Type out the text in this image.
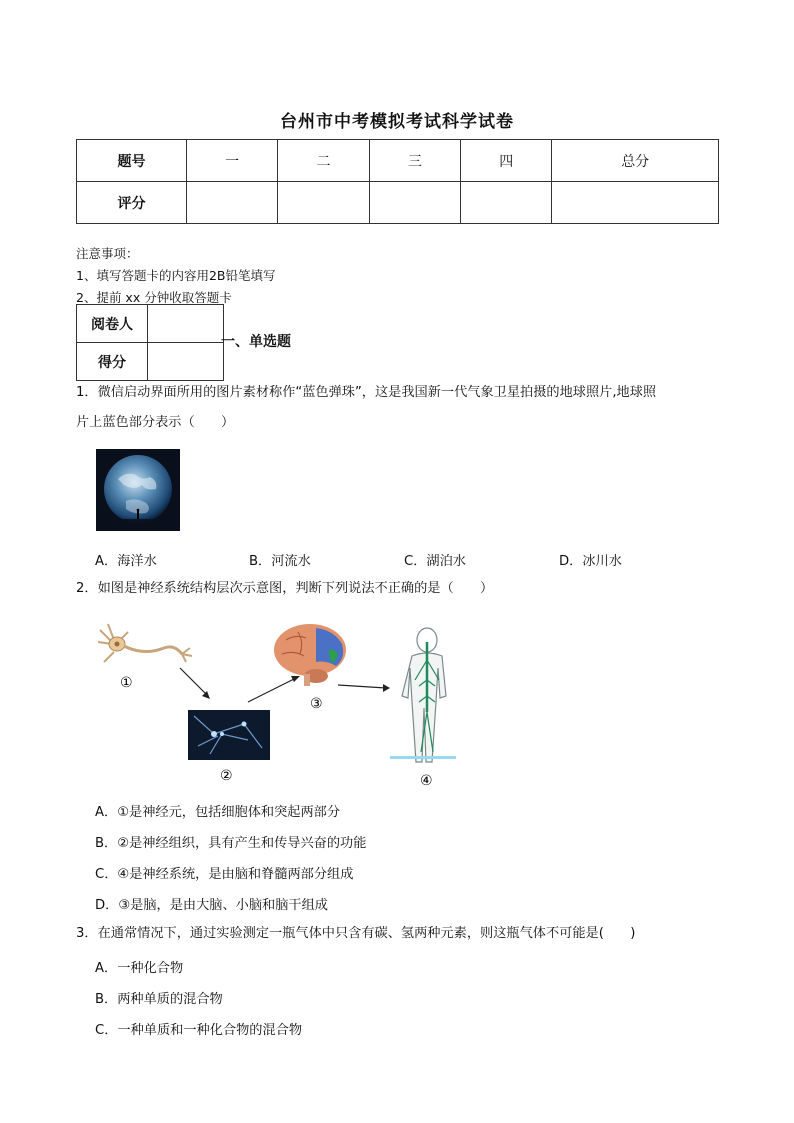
台州市中考模拟考试科学试卷
题号	一	二	三	四	总分
评分					
注意事项：
1、填写答题卡的内容用2B铅笔填写
2、提前 xx 分钟收取答题卡
阅卷人	
得分	
一、单选题
1．微信启动界面所用的图片素材称作“蓝色弹珠”，这是我国新一代气象卫星拍摄的地球照片,地球照
片上蓝色部分表示（　　）
A．海洋水	B．河流水	C．湖泊水	D．冰川水
2．如图是神经系统结构层次示意图，判断下列说法不正确的是（　　）
①
②
③
④
A．①是神经元，包括细胞体和突起两部分
B．②是神经组织，具有产生和传导兴奋的功能
C．④是神经系统，是由脑和脊髓两部分组成
D．③是脑，是由大脑、小脑和脑干组成
3．在通常情况下，通过实验测定一瓶气体中只含有碳、氢两种元素，则这瓶气体不可能是(　　)
A．一种化合物
B．两种单质的混合物
C．一种单质和一种化合物的混合物
